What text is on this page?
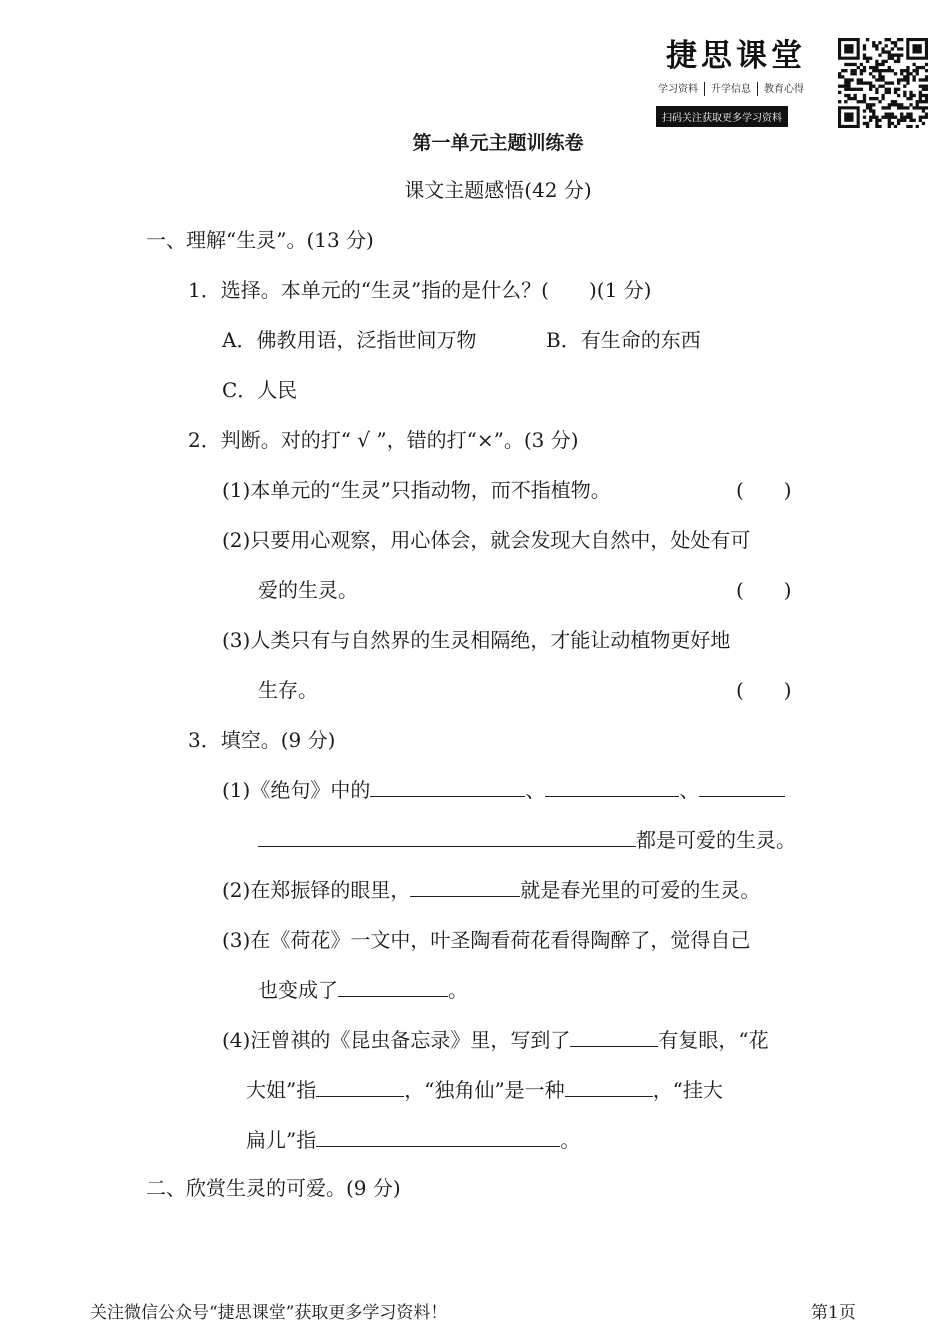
捷思课堂
学习资料 升学信息 教育心得
扫码关注获取更多学习资料
第一单元主题训练卷
课文主题感悟(42 分)
一、理解“生灵”。(13 分)
1．选择。本单元的“生灵”指的是什么？(　　)(1 分)
A．佛教用语，泛指世间万物	B．有生命的东西
C．人民
2．判断。对的打“ √ ”，错的打“×”。(3 分)
(1)本单元的“生灵”只指动物，而不指植物。	(　　)
(2)只要用心观察，用心体会，就会发现大自然中，处处有可
爱的生灵。	(　　)
(3)人类只有与自然界的生灵相隔绝，才能让动植物更好地
生存。	(　　)
3．填空。(9 分)
(1)《绝句》中的	、	、
都是可爱的生灵。
(2)在郑振铎的眼里，	就是春光里的可爱的生灵。
(3)在《荷花》一文中，叶圣陶看荷花看得陶醉了，觉得自己
也变成了	。
(4)汪曾祺的《昆虫备忘录》里，写到了	有复眼，“花
大姐”指	，“独角仙”是一种	，“挂大
扁儿”指	。
二、欣赏生灵的可爱。(9 分)
关注微信公众号“捷思课堂”获取更多学习资料！	第1页
